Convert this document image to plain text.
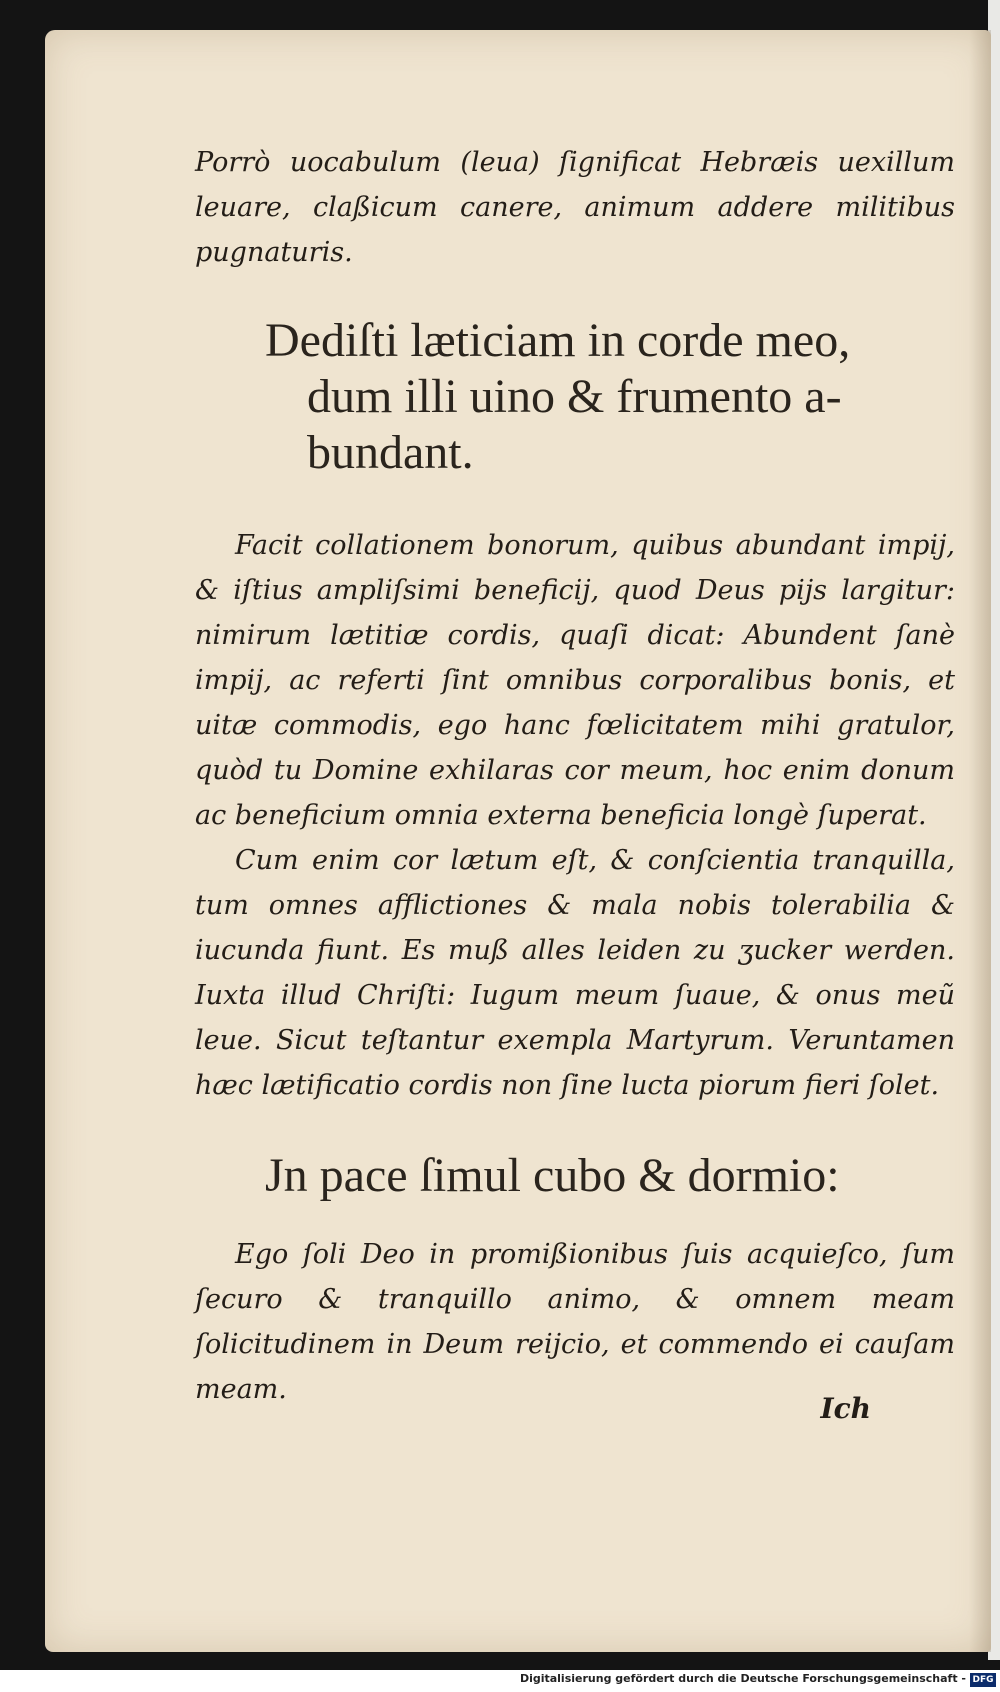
Porrò uocabulum (leua) ſignificat Hebræis uexillum leuare, claßicum canere, animum addere militibus pugnaturis.

Dediſti læticiam in corde meo,
dum illi uino & frumento a-
bundant.

Facit collationem bonorum, quibus abundant impij, & iſtius ampliſsimi beneficij, quod Deus pijs largitur: nimirum lætitiæ cordis, quaſi dicat: Abundent ſanè impij, ac referti ſint omnibus corporalibus bonis, et uitæ commodis, ego hanc fœlicitatem mihi gratulor, quòd tu Domine exhilaras cor meum, hoc enim donum ac beneficium omnia externa beneficia longè ſuperat.

Cum enim cor lætum eſt, & conſcientia tranquilla, tum omnes afflictiones & mala nobis tolerabilia & iucunda fiunt. Es muß alles leiden zu ʒucker werden. Iuxta illud Chriſti: Iugum meum ſuaue, & onus meũ leue. Sicut teſtantur exempla Martyrum. Veruntamen hæc lætificatio cordis non ſine lucta piorum fieri ſolet.

Jn pace ſimul cubo & dormio:

Ego ſoli Deo in promißionibus ſuis acquieſco, ſum ſecuro & tranquillo animo, & omnem meam ſolicitudinem in Deum reijcio, et commendo ei cauſam meam.

Ich
Digitalisierung gefördert durch die Deutsche Forschungsgemeinschaft - DFG
